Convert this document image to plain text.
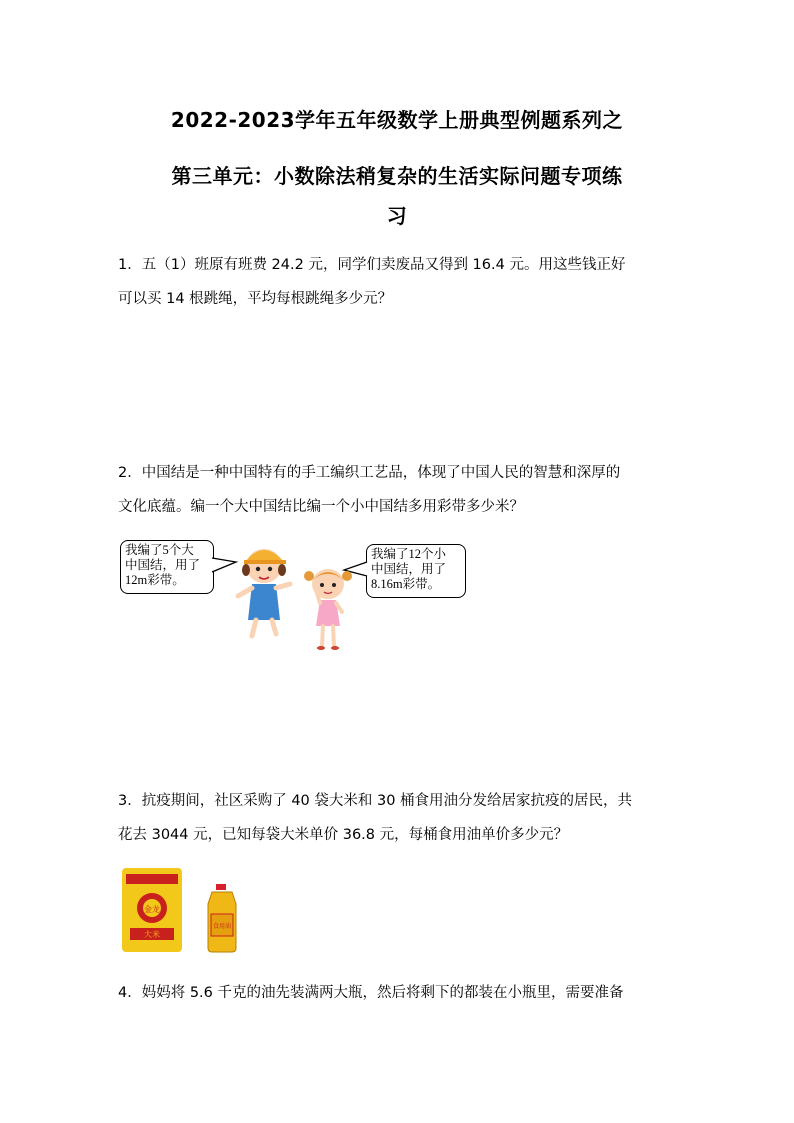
2022-2023学年五年级数学上册典型例题系列之
第三单元：小数除法稍复杂的生活实际问题专项练
习
1．五（1）班原有班费 24.2 元，同学们卖废品又得到 16.4 元。用这些钱正好
可以买 14 根跳绳，平均每根跳绳多少元？
2．中国结是一种中国特有的手工编织工艺品，体现了中国人民的智慧和深厚的
文化底蕴。编一个大中国结比编一个小中国结多用彩带多少米？
我编了5个大
中国结，用了
12m彩带。
我编了12个小
中国结，用了
8.16m彩带。
3．抗疫期间，社区采购了 40 袋大米和 30 桶食用油分发给居家抗疫的居民，共
花去 3044 元，已知每袋大米单价 36.8 元，每桶食用油单价多少元？
金龙
大米
食用油
4．妈妈将 5.6 千克的油先装满两大瓶，然后将剩下的都装在小瓶里，需要准备
